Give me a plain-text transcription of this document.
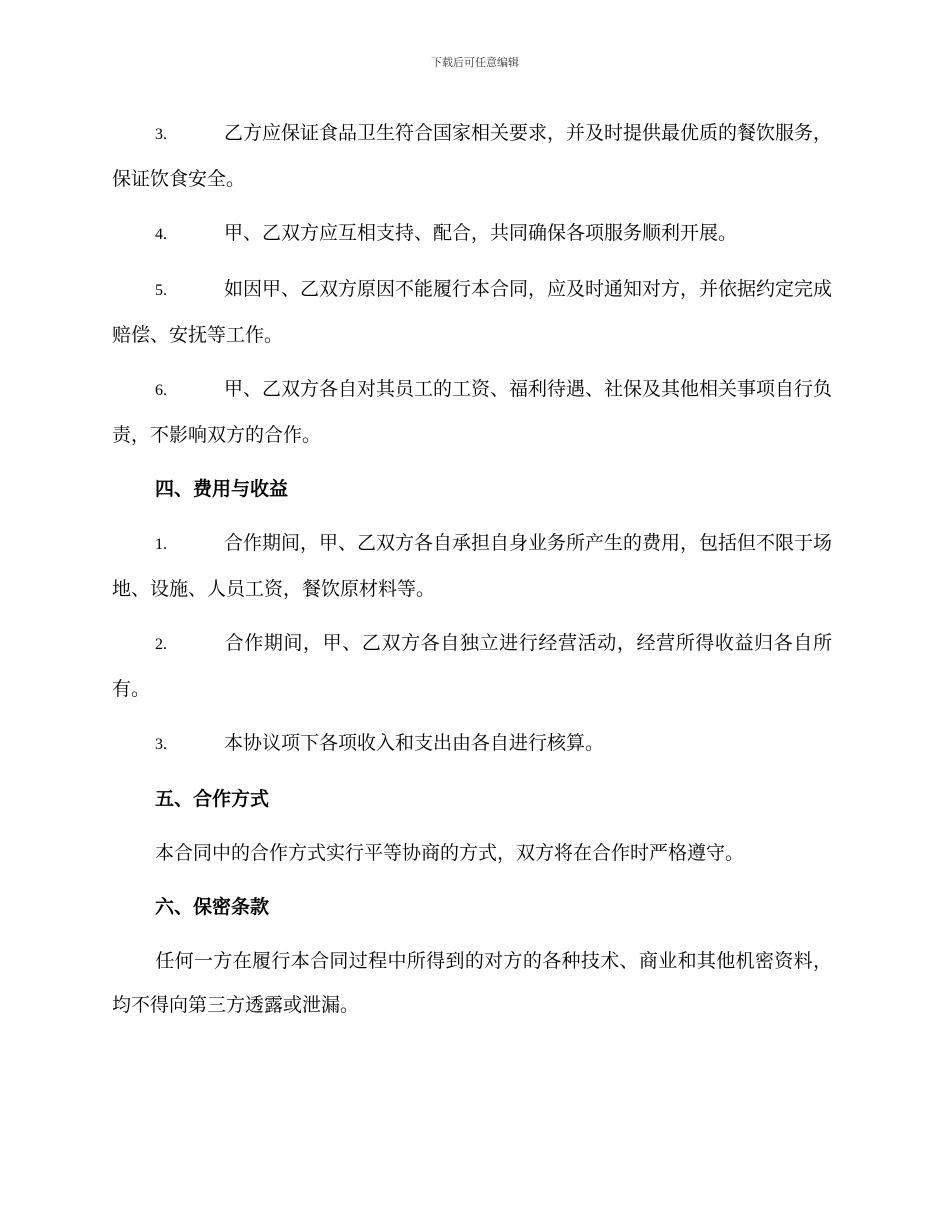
下载后可任意编辑

3.	乙方应保证食品卫生符合国家相关要求，并及时提供最优质的餐饮服务，保证饮食安全。

4.	甲、乙双方应互相支持、配合，共同确保各项服务顺利开展。

5.	如因甲、乙双方原因不能履行本合同，应及时通知对方，并依据约定完成赔偿、安抚等工作。

6.	甲、乙双方各自对其员工的工资、福利待遇、社保及其他相关事项自行负责，不影响双方的合作。

四、费用与收益

1.	合作期间，甲、乙双方各自承担自身业务所产生的费用，包括但不限于场地、设施、人员工资，餐饮原材料等。

2.	合作期间，甲、乙双方各自独立进行经营活动，经营所得收益归各自所有。

3.	本协议项下各项收入和支出由各自进行核算。

五、合作方式

本合同中的合作方式实行平等协商的方式，双方将在合作时严格遵守。

六、保密条款

任何一方在履行本合同过程中所得到的对方的各种技术、商业和其他机密资料，均不得向第三方透露或泄漏。
